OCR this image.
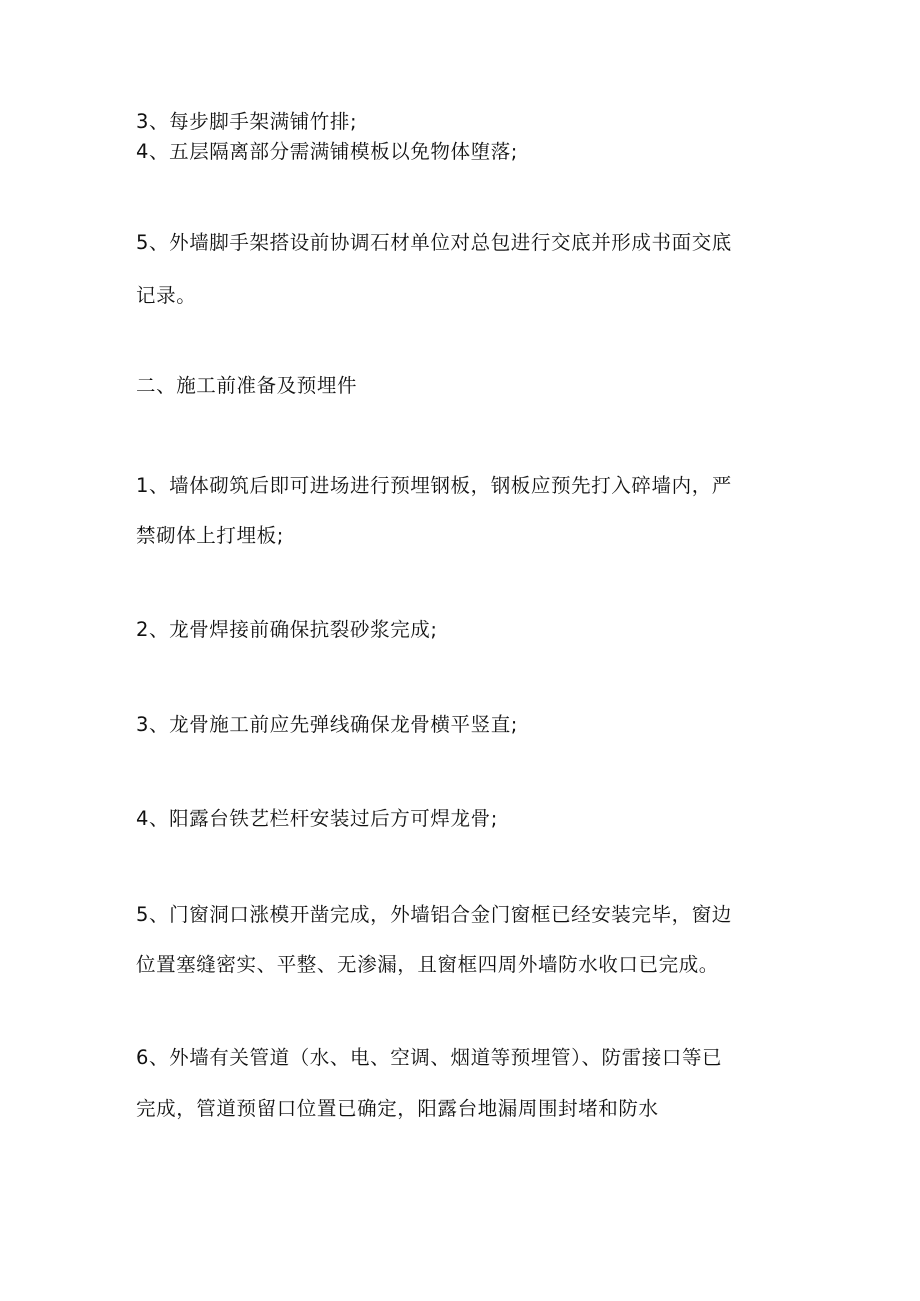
3、每步脚手架满铺竹排;
4、五层隔离部分需满铺模板以免物体堕落;
5、外墙脚手架搭设前协调石材单位对总包进行交底并形成书面交底
记录。
二、施工前准备及预埋件
1、墙体砌筑后即可进场进行预埋钢板，钢板应预先打入碎墙内，严
禁砌体上打埋板;
2、龙骨焊接前确保抗裂砂浆完成;
3、龙骨施工前应先弹线确保龙骨横平竖直;
4、阳露台铁艺栏杆安装过后方可焊龙骨;
5、门窗洞口涨模开凿完成，外墙铝合金门窗框已经安装完毕，窗边
位置塞缝密实、平整、无渗漏，且窗框四周外墙防水收口已完成。
6、外墙有关管道（水、电、空调、烟道等预埋管）、防雷接口等已
完成，管道预留口位置已确定，阳露台地漏周围封堵和防水
